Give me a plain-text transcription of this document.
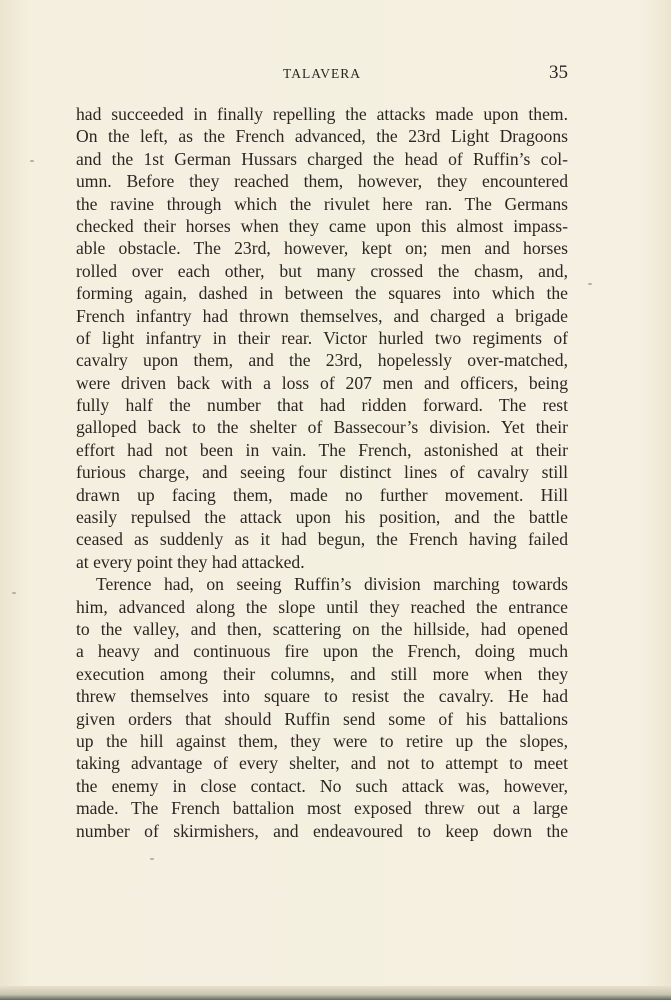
TALAVERA	35
had succeeded in finally repelling the attacks made upon them.
On the left, as the French advanced, the 23rd Light Dragoons
and the 1st German Hussars charged the head of Ruffin’s col-
umn. Before they reached them, however, they encountered
the ravine through which the rivulet here ran. The Germans
checked their horses when they came upon this almost impass-
able obstacle. The 23rd, however, kept on; men and horses
rolled over each other, but many crossed the chasm, and,
forming again, dashed in between the squares into which the
French infantry had thrown themselves, and charged a brigade
of light infantry in their rear. Victor hurled two regiments of
cavalry upon them, and the 23rd, hopelessly over-matched,
were driven back with a loss of 207 men and officers, being
fully half the number that had ridden forward. The rest
galloped back to the shelter of Bassecour’s division. Yet their
effort had not been in vain. The French, astonished at their
furious charge, and seeing four distinct lines of cavalry still
drawn up facing them, made no further movement. Hill
easily repulsed the attack upon his position, and the battle
ceased as suddenly as it had begun, the French having failed
at every point they had attacked.
Terence had, on seeing Ruffin’s division marching towards
him, advanced along the slope until they reached the entrance
to the valley, and then, scattering on the hillside, had opened
a heavy and continuous fire upon the French, doing much
execution among their columns, and still more when they
threw themselves into square to resist the cavalry. He had
given orders that should Ruffin send some of his battalions
up the hill against them, they were to retire up the slopes,
taking advantage of every shelter, and not to attempt to meet
the enemy in close contact. No such attack was, however,
made. The French battalion most exposed threw out a large
number of skirmishers, and endeavoured to keep down the
